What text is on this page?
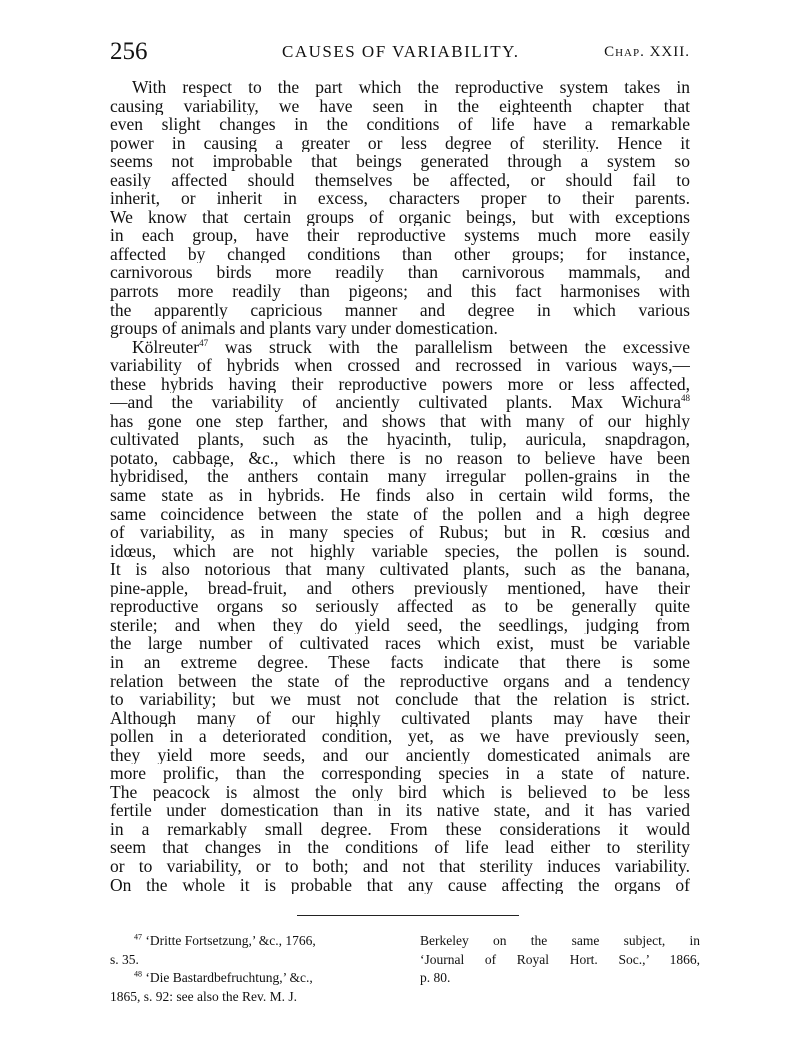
256	CAUSES OF VARIABILITY.	Chap. XXII.
With respect to the part which the reproductive system takes in
causing variability, we have seen in the eighteenth chapter that
even slight changes in the conditions of life have a remarkable
power in causing a greater or less degree of sterility. Hence it
seems not improbable that beings generated through a system so
easily affected should themselves be affected, or should fail to
inherit, or inherit in excess, characters proper to their parents.
We know that certain groups of organic beings, but with exceptions
in each group, have their reproductive systems much more easily
affected by changed conditions than other groups; for instance,
carnivorous birds more readily than carnivorous mammals, and
parrots more readily than pigeons; and this fact harmonises with
the apparently capricious manner and degree in which various
groups of animals and plants vary under domestication.
Kölreuter$^{47}$ was struck with the parallelism between the excessive
variability of hybrids when crossed and recrossed in various ways,—
these hybrids having their reproductive powers more or less affected,
—and the variability of anciently cultivated plants. Max Wichura$^{48}$
has gone one step farther, and shows that with many of our highly
cultivated plants, such as the hyacinth, tulip, auricula, snapdragon,
potato, cabbage, &c., which there is no reason to believe have been
hybridised, the anthers contain many irregular pollen-grains in the
same state as in hybrids. He finds also in certain wild forms, the
same coincidence between the state of the pollen and a high degree
of variability, as in many species of Rubus; but in R. cœsius and
idœus, which are not highly variable species, the pollen is sound.
It is also notorious that many cultivated plants, such as the banana,
pine-apple, bread-fruit, and others previously mentioned, have their
reproductive organs so seriously affected as to be generally quite
sterile; and when they do yield seed, the seedlings, judging from
the large number of cultivated races which exist, must be variable
in an extreme degree. These facts indicate that there is some
relation between the state of the reproductive organs and a tendency
to variability; but we must not conclude that the relation is strict.
Although many of our highly cultivated plants may have their
pollen in a deteriorated condition, yet, as we have previously seen,
they yield more seeds, and our anciently domesticated animals are
more prolific, than the corresponding species in a state of nature.
The peacock is almost the only bird which is believed to be less
fertile under domestication than in its native state, and it has varied
in a remarkably small degree. From these considerations it would
seem that changes in the conditions of life lead either to sterility
or to variability, or to both; and not that sterility induces variability.
On the whole it is probable that any cause affecting the organs of
$^{47}$ ‘Dritte Fortsetzung,’ &c., 1766,
s. 35.
$^{48}$ ‘Die Bastardbefruchtung,’ &c.,
1865, s. 92: see also the Rev. M. J.
Berkeley on the same subject, in
‘Journal of Royal Hort. Soc.,’ 1866,
p. 80.
